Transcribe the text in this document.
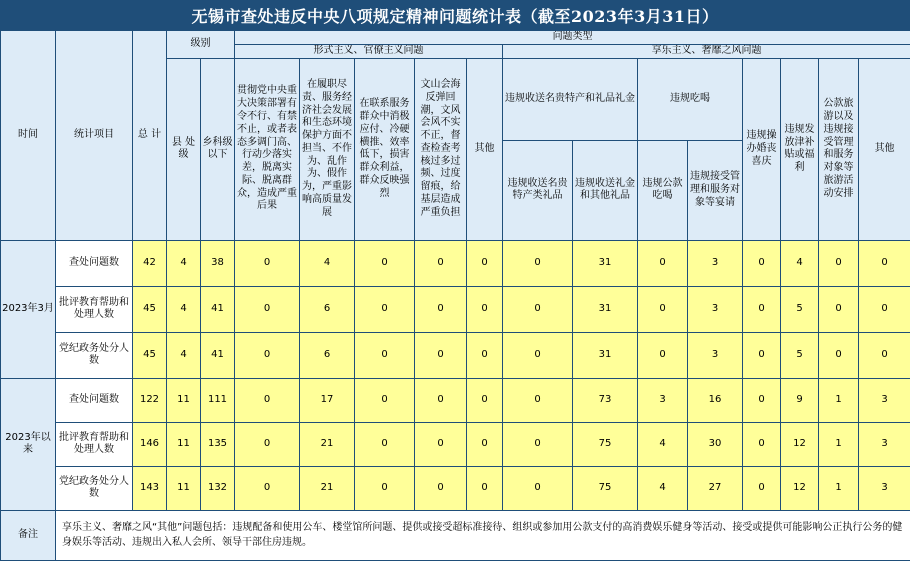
无锡市查处违反中央八项规定精神问题统计表（截至2023年3月31日）
时间	统计项目	总 计	级别		问题类型												
					形式主义、官僚主义问题					享乐主义、奢靡之风问题							
			县 处级	乡科级以下	贯彻党中央重大决策部署有令不行、有禁不止，或者表态多调门高、行动少落实差，脱离实际、脱离群众，造成严重后果	在履职尽责、服务经济社会发展和生态环境保护方面不担当、不作为、乱作为、假作为，严重影响高质量发展	在联系服务群众中消极应付、冷硬横推、效率低下，损害群众利益，群众反映强烈	文山会海反弹回潮，文风会风不实不正，督查检查考核过多过频、过度留痕，给基层造成严重负担	其他	违规收送名贵特产和礼品礼金		违规吃喝		违规操办婚丧喜庆	违规发放津补贴或福利	公款旅游以及违规接受管理和服务对象等旅游活动安排	其他
										违规收送名贵特产类礼品	违规收送礼金和其他礼品	违规公款吃喝	违规接受管理和服务对象等宴请				
2023年3月	查处问题数	42	4	38	0	4	0	0	0	0	31	0	3	0	4	0	0
	批评教育帮助和处理人数	45	4	41	0	6	0	0	0	0	31	0	3	0	5	0	0
	党纪政务处分人数	45	4	41	0	6	0	0	0	0	31	0	3	0	5	0	0
2023年以来	查处问题数	122	11	111	0	17	0	0	0	0	73	3	16	0	9	1	3
	批评教育帮助和处理人数	146	11	135	0	21	0	0	0	0	75	4	30	0	12	1	3
	党纪政务处分人数	143	11	132	0	21	0	0	0	0	75	4	27	0	12	1	3
备注	享乐主义、奢靡之风“其他”问题包括：违规配备和使用公车、楼堂馆所问题、提供或接受超标准接待、组织或参加用公款支付的高消费娱乐健身等活动、接受或提供可能影响公正执行公务的健身娱乐等活动、违规出入私人会所、领导干部住房违规。																
